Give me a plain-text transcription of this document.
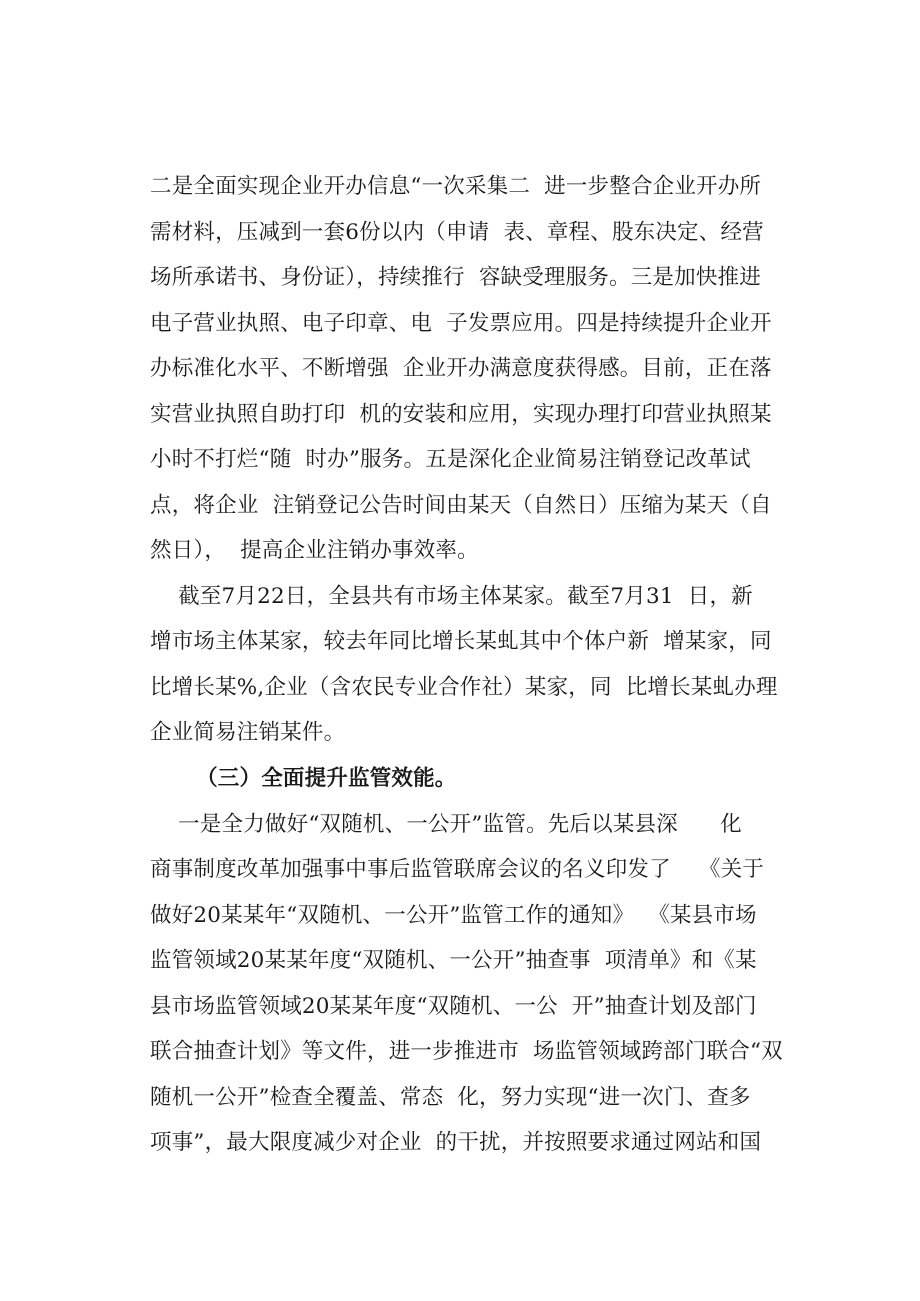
二是全面实现企业开办信息“一次采集二  进一步整合企业开办所
需材料，压减到一套6份以内（申请  表、章程、股东决定、经营
场所承诺书、身份证），持续推行  容缺受理服务。三是加快推进
电子营业执照、电子印章、电  子发票应用。四是持续提升企业开
办标准化水平、不断增强  企业开办满意度获得感。目前，正在落
实营业执照自助打印  机的安装和应用，实现办理打印营业执照某
小时不打烂“随  时办”服务。五是深化企业简易注销登记改革试
点，将企业  注销登记公告时间由某天（自然日）压缩为某天（自
然日），  提高企业注销办事效率。
截至7月22日，全县共有市场主体某家。截至7月31  日，新
增市场主体某家，较去年同比增长某虬其中个体户新  增某家，同
比增长某%,企业（含农民专业合作社）某家，同  比增长某虬办理
企业简易注销某件。
（三）全面提升监管效能。
一是全力做好“双随机、一公开”监管。先后以某县深      化
商事制度改革加强事中事后监管联席会议的名义印发了    《关于
做好20某某年“双随机、一公开”监管工作的通知》  《某县市场
监管领域20某某年度“双随机、一公开”抽查事  项清单》和《某
县市场监管领域20某某年度“双随机、一公  开”抽查计划及部门
联合抽查计划》等文件，进一步推进市  场监管领域跨部门联合“双
随机一公开”检查全覆盖、常态  化，努力实现“进一次门、查多
项事”，最大限度减少对企业  的干扰，并按照要求通过网站和国
